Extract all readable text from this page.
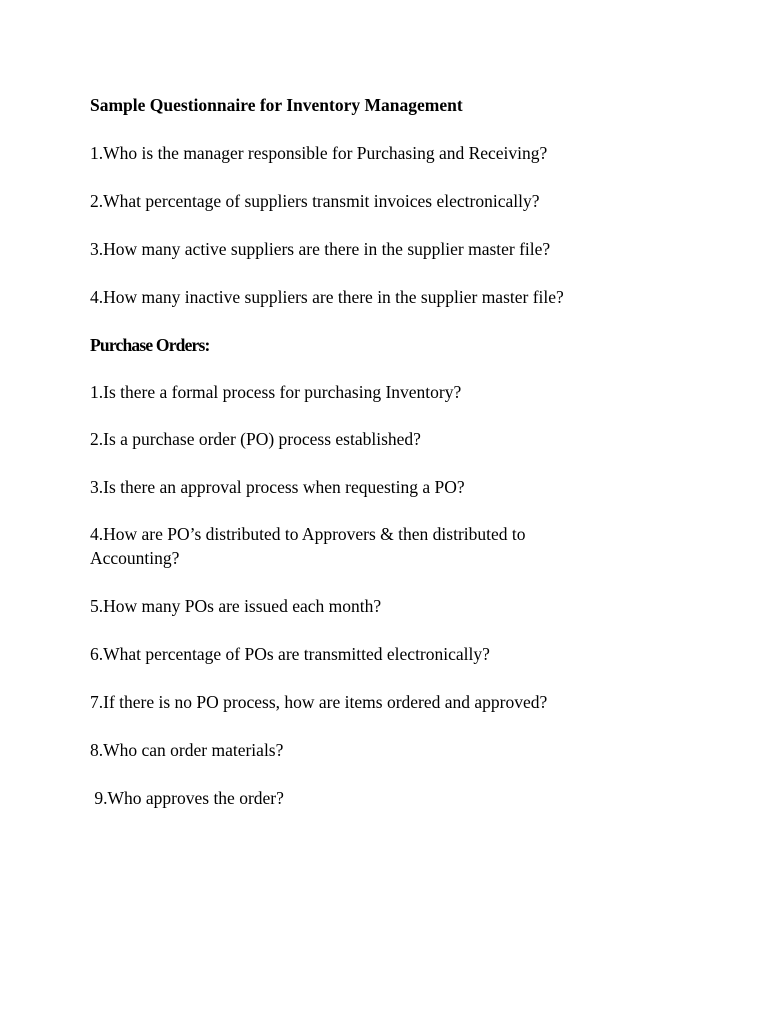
Sample Questionnaire for Inventory Management
1.Who is the manager responsible for Purchasing and Receiving?
2.What percentage of suppliers transmit invoices electronically?
3.How many active suppliers are there in the supplier master file?
4.How many inactive suppliers are there in the supplier master file?
Purchase Orders:
1.Is there a formal process for purchasing Inventory?
2.Is a purchase order (PO) process established?
3.Is there an approval process when requesting a PO?
4.How are PO’s distributed to Approvers & then distributed to Accounting?
5.How many POs are issued each month?
6.What percentage of POs are transmitted electronically?
7.If there is no PO process, how are items ordered and approved?
8.Who can order materials?
9.Who approves the order?
